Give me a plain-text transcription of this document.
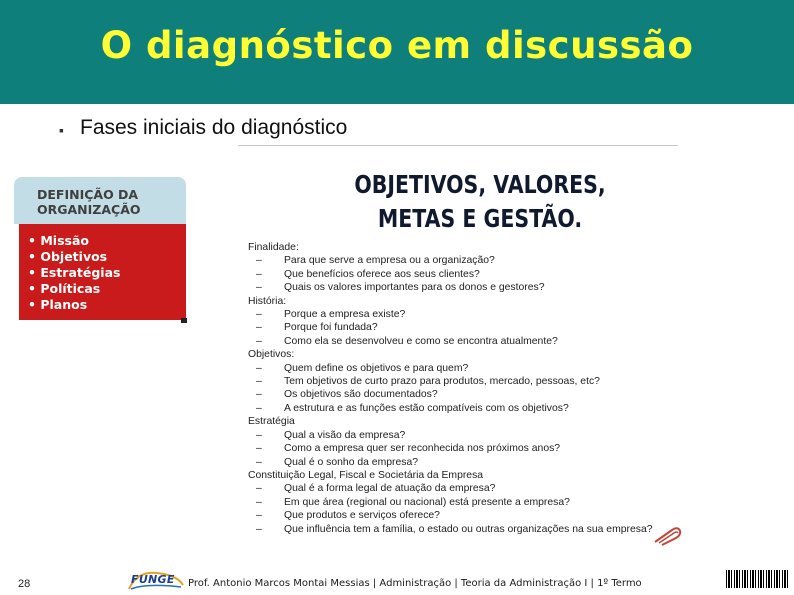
O diagnóstico em discussão
▪ Fases iniciais do diagnóstico
DEFINIÇÃO DA ORGANIZAÇÃO
• Missão
• Objetivos
• Estratégias
• Políticas
• Planos
OBJETIVOS, VALORES, METAS E GESTÃO.
Finalidade:
– Para que serve a empresa ou a organização?
– Que benefícios oferece aos seus clientes?
– Quais os valores importantes para os donos e gestores?
História:
– Porque a empresa existe?
– Porque foi fundada?
– Como ela se desenvolveu e como se encontra atualmente?
Objetivos:
– Quem define os objetivos e para quem?
– Tem objetivos de curto prazo para produtos, mercado, pessoas, etc?
– Os objetivos são documentados?
– A estrutura e as funções estão compatíveis com os objetivos?
Estratégia
– Qual a visão da empresa?
– Como a empresa quer ser reconhecida nos próximos anos?
– Qual é o sonho da empresa?
Constituição Legal, Fiscal e Societária da Empresa
– Qual é a forma legal de atuação da empresa?
– Em que área (regional ou nacional) está presente a empresa?
– Que produtos e serviços oferece?
– Que influência tem a família, o estado ou outras organizações na sua empresa?
28	FUNGE Prof. Antonio Marcos Montai Messias | Administração | Teoria da Administração I | 1º Termo
